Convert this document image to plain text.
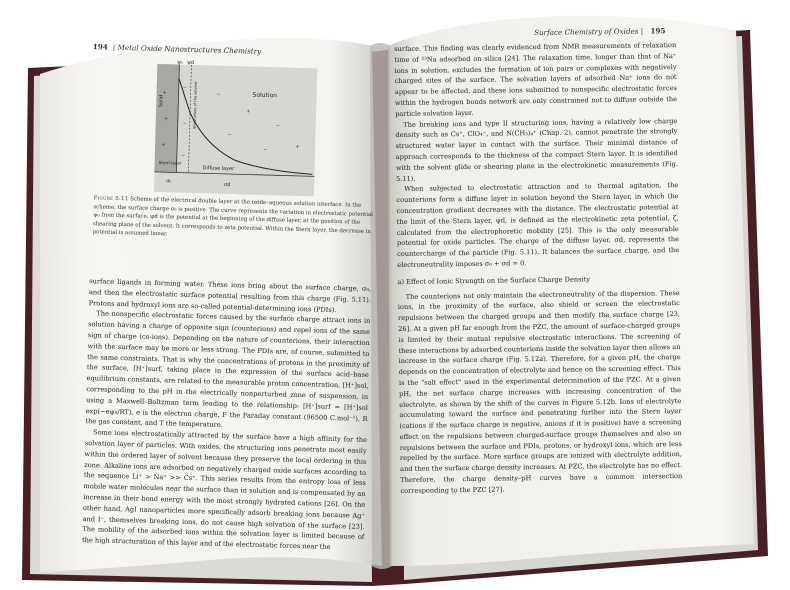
194 | Metal Oxide Nanostructures Chemistry
+
+
+
−
−
−
−
+
−
−
+
−
ψ₀ ψd
Solid	Solution
Shear plane of the solvent
Stern layer
Diffuse layer
σ₀
σd
Figure 5.11 Scheme of the electrical double layer at the oxide–aqueous solution interface. In the scheme, the surface charge σ₀ is positive. The curve represents the variation in electrostatic potential ψ₀ from the surface. ψd is the potential at the beginning of the diffuse layer, at the position of the shearing plane of the solvent. It corresponds to zeta potential. Within the Stern layer, the decrease in potential is assumed linear.

surface ligands in forming water. These ions bring about the surface charge, σ₀, and then the electrostatic surface potential resulting from this charge (Fig. 5.11). Protons and hydroxyl ions are so-called potential-determining ions (PDIs).

The nonspecific electrostatic forces caused by the surface charge attract ions in solution having a charge of opposite sign (counterions) and repel ions of the same sign of charge (co-ions). Depending on the nature of counterions, their interaction with the surface may be more or less strong. The PDIs are, of course, submitted to the same constraints. That is why the concentrations of protons in the proximity of the surface, [H⁺]surf, taking place in the expression of the surface acid–base equilibrium constants, are related to the measurable proton concentration, [H⁺]sol, corresponding to the pH in the electrically nonperturbed zone of suspension, in using a Maxwell–Boltzman term leading to the relationship: [H⁺]surf = [H⁺]sol exp(−eψ₀/RT), e is the electron charge, F the Faraday constant (96500 C.mol⁻¹), R the gas constant, and T the temperature.

Some ions electrostatically attracted by the surface have a high affinity for the solvation layer of particles. With oxides, the structuring ions penetrate most easily within the ordered layer of solvent because they preserve the local ordering in this zone. Alkaline ions are adsorbed on negatively charged oxide surfaces according to the sequence Li⁺ > Na⁺ >> Cs⁺. This series results from the entropy loss of less mobile water molecules near the surface than in solution and is compensated by an increase in their bond energy with the most strongly hydrated cations [26]. On the other hand, AgI nanoparticles more specifically adsorb breaking ions because Ag⁺ and I⁻, themselves breaking ions, do not cause high solvation of the surface [23]. The mobility of the adsorbed ions within the solvation layer is limited because of the high structuration of this layer and of the electrostatic forces near the

Surface Chemistry of Oxides | 195

surface. This finding was clearly evidenced from NMR measurements of relaxation time of ²³Na adsorbed on silica [24]. The relaxation time, longer than that of Na⁺ ions in solution, excludes the formation of ion pairs or complexes with negatively charged sites of the surface. The solvation layers of adsorbed Na⁺ ions do not appear to be affected, and these ions submitted to nonspecific electrostatic forces within the hydrogen bonds network are only constrained not to diffuse outside the particle solvation layer.

The breaking ions and type II structuring ions, having a relatively low charge density such as Cs⁺, ClO₄⁻, and N(CH₃)₄⁺ (Chap. 2), cannot penetrate the strongly structured water layer in contact with the surface. Their minimal distance of approach corresponds to the thickness of the compact Stern layer. It is identified with the solvent glide or shearing plane in the electrokinetic measurements (Fig. 5.11).

When subjected to electrostatic attraction and to thermal agitation, the counterions form a diffuse layer in solution beyond the Stern layer, in which the concentration gradient decreases with the distance. The electrostatic potential at the limit of the Stern layer, ψd, is defined as the electrokinetic zeta potential, ζ, calculated from the electrophoretic mobility [25]. This is the only measurable potential for oxide particles. The charge of the diffuse layer, σd, represents the countercharge of the particle (Fig. 5.11). It balances the surface charge, and the electroneutrality imposes σ₀ + σd = 0.

a) Effect of Ionic Strength on the Surface Charge Density

The counterions not only maintain the electroneutrality of the dispersion. These ions, in the proximity of the surface, also shield or screen the electrostatic repulsions between the charged groups and then modify the surface charge [23, 26]. At a given pH far enough from the PZC, the amount of surface-charged groups is limited by their mutual repulsive electrostatic interactions. The screening of these interactions by adsorbed counterions inside the solvation layer then allows an increase in the surface charge (Fig. 5.12a). Therefore, for a given pH, the charge depends on the concentration of electrolyte and hence on the screening effect. This is the "salt effect" used in the experimental determination of the PZC. At a given pH, the net surface charge increases with increasing concentration of the electrolyte, as shown by the shift of the curves in Figure 5.12b. Ions of electrolyte accumulating toward the surface and penetrating further into the Stern layer (cations if the surface charge is negative, anions if it is positive) have a screening effect on the repulsions between charged-surface groups themselves and also on repulsions between the surface and PDIs, protons, or hydroxyl ions, which are less repelled by the surface. More surface groups are ionized with electrolyte addition, and then the surface charge density increases. At PZC, the electrolyte has no effect. Therefore, the charge density–pH curves have a common intersection corresponding to the PZC [27].
